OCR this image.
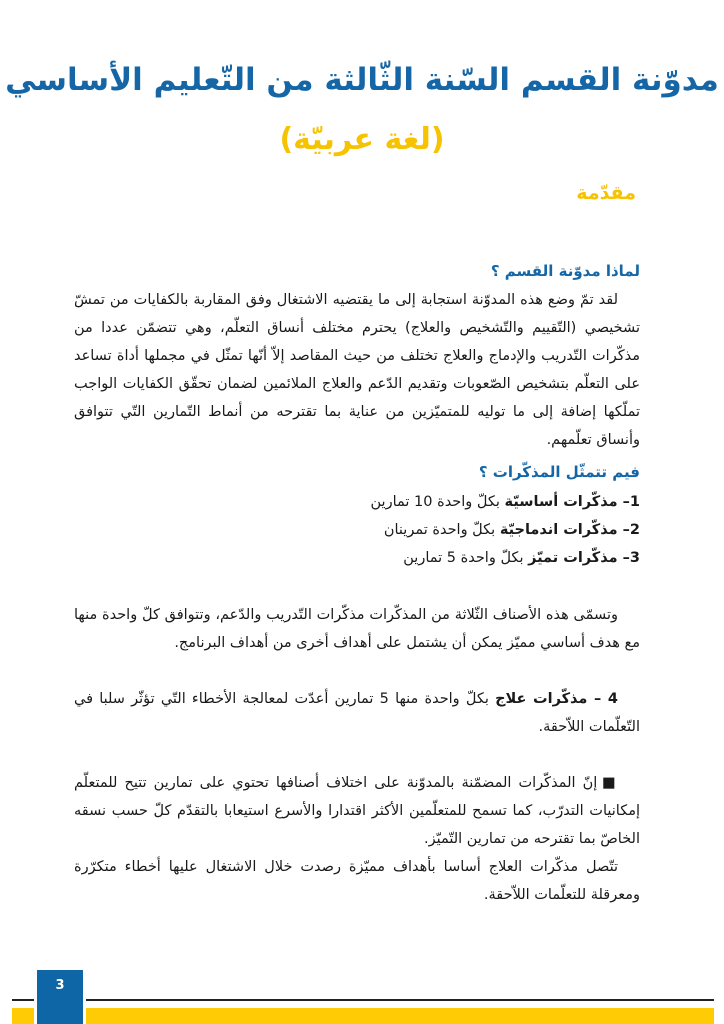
مدوّنة القسم السّنة الثّالثة من التّعليم الأساسي
(لغة عربيّة)
مقدّمة
لماذا مدوّنة القسم ؟
لقد تمّ وضع هذه المدوّنة استجابة إلى ما يقتضيه الاشتغال وفق المقاربة بالكفايات من تمشّ تشخيصي (التّقييم والتّشخيص والعلاج) يحترم مختلف أنساق التعلّم، وهي تتضمّن عددا من مذكّرات التّدريب والإدماج والعلاج تختلف من حيث المقاصد إلاّ أنّها تمثّل في مجملها أداة تساعد على التعلّم بتشخيص الصّعوبات وتقديم الدّعم والعلاج الملائمين لضمان تحقّق الكفايات الواجب تملّكها إضافة إلى ما توليه للمتميّزين من عناية بما تقترحه من أنماط التّمارين التّي تتوافق وأنساق تعلّمهم.
فيم تتمثّل المذكّرات ؟
1– مذكّرات أساسيّة بكلّ واحدة 10 تمارين
2– مذكّرات اندماجيّة بكلّ واحدة تمرينان
3– مذكّرات تميّز بكلّ واحدة 5 تمارين
وتسمّى هذه الأصناف الثّلاثة من المذكّرات مذكّرات التّدريب والدّعم، وتتوافق كلّ واحدة منها مع هدف أساسي مميّز يمكن أن يشتمل على أهداف أخرى من أهداف البرنامج.
4 – مذكّرات علاج بكلّ واحدة منها 5 تمارين أعدّت لمعالجة الأخطاء التّي تؤثّر سلبا في التّعلّمات اللاّحقة.
■ إنّ المذكّرات المضمّنة بالمدوّنة على اختلاف أصنافها تحتوي على تمارين تتيح للمتعلّم إمكانيات التدرّب، كما تسمح للمتعلّمين الأكثر اقتدارا والأسرع استيعابا بالتقدّم كلّ حسب نسقه الخاصّ بما تقترحه من تمارين التّميّز.
تتّصل مذكّرات العلاج أساسا بأهداف مميّزة رصدت خلال الاشتغال عليها أخطاء متكرّرة ومعرقلة للتعلّمات اللاّحقة.
3
